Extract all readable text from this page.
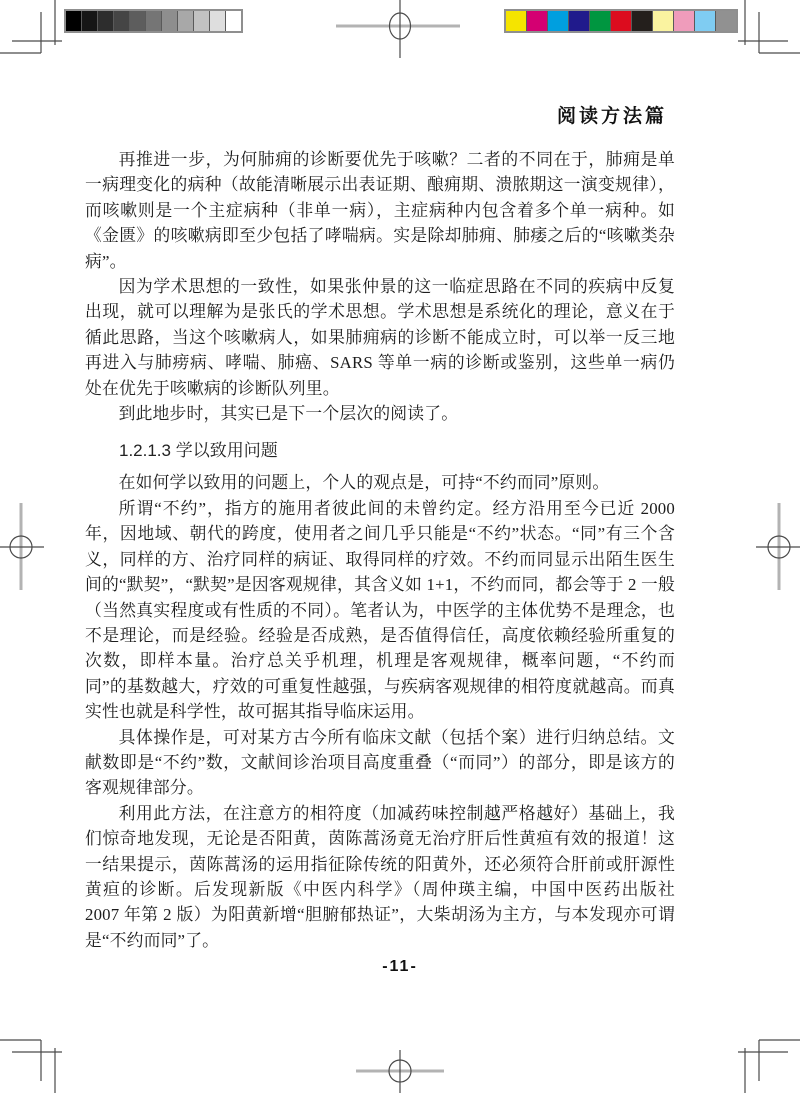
阅读方法篇

再推进一步，为何肺痈的诊断要优先于咳嗽？二者的不同在于，肺痈是单一病理变化的病种（故能清晰展示出表证期、酿痈期、溃脓期这一演变规律），而咳嗽则是一个主症病种（非单一病），主症病种内包含着多个单一病种。如《金匮》的咳嗽病即至少包括了哮喘病。实是除却肺痈、肺痿之后的“咳嗽类杂病”。

因为学术思想的一致性，如果张仲景的这一临症思路在不同的疾病中反复出现，就可以理解为是张氏的学术思想。学术思想是系统化的理论，意义在于循此思路，当这个咳嗽病人，如果肺痈病的诊断不能成立时，可以举一反三地再进入与肺痨病、哮喘、肺癌、SARS 等单一病的诊断或鉴别，这些单一病仍处在优先于咳嗽病的诊断队列里。

到此地步时，其实已是下一个层次的阅读了。

1.2.1.3 学以致用问题

在如何学以致用的问题上，个人的观点是，可持“不约而同”原则。

所谓“不约”，指方的施用者彼此间的未曾约定。经方沿用至今已近 2000 年，因地域、朝代的跨度，使用者之间几乎只能是“不约”状态。“同”有三个含义，同样的方、治疗同样的病证、取得同样的疗效。不约而同显示出陌生医生间的“默契”，“默契”是因客观规律，其含义如 1+1，不约而同，都会等于 2 一般（当然真实程度或有性质的不同）。笔者认为，中医学的主体优势不是理念，也不是理论，而是经验。经验是否成熟，是否值得信任，高度依赖经验所重复的次数，即样本量。治疗总关乎机理，机理是客观规律，概率问题，“不约而同”的基数越大，疗效的可重复性越强，与疾病客观规律的相符度就越高。而真实性也就是科学性，故可据其指导临床运用。

具体操作是，可对某方古今所有临床文献（包括个案）进行归纳总结。文献数即是“不约”数，文献间诊治项目高度重叠（“而同”）的部分，即是该方的客观规律部分。

利用此方法，在注意方的相符度（加减药味控制越严格越好）基础上，我们惊奇地发现，无论是否阳黄，茵陈蒿汤竟无治疗肝后性黄疸有效的报道！这一结果提示，茵陈蒿汤的运用指征除传统的阳黄外，还必须符合肝前或肝源性黄疸的诊断。后发现新版《中医内科学》（周仲瑛主编，中国中医药出版社 2007 年第 2 版）为阳黄新增“胆腑郁热证”，大柴胡汤为主方，与本发现亦可谓是“不约而同”了。

-11-
